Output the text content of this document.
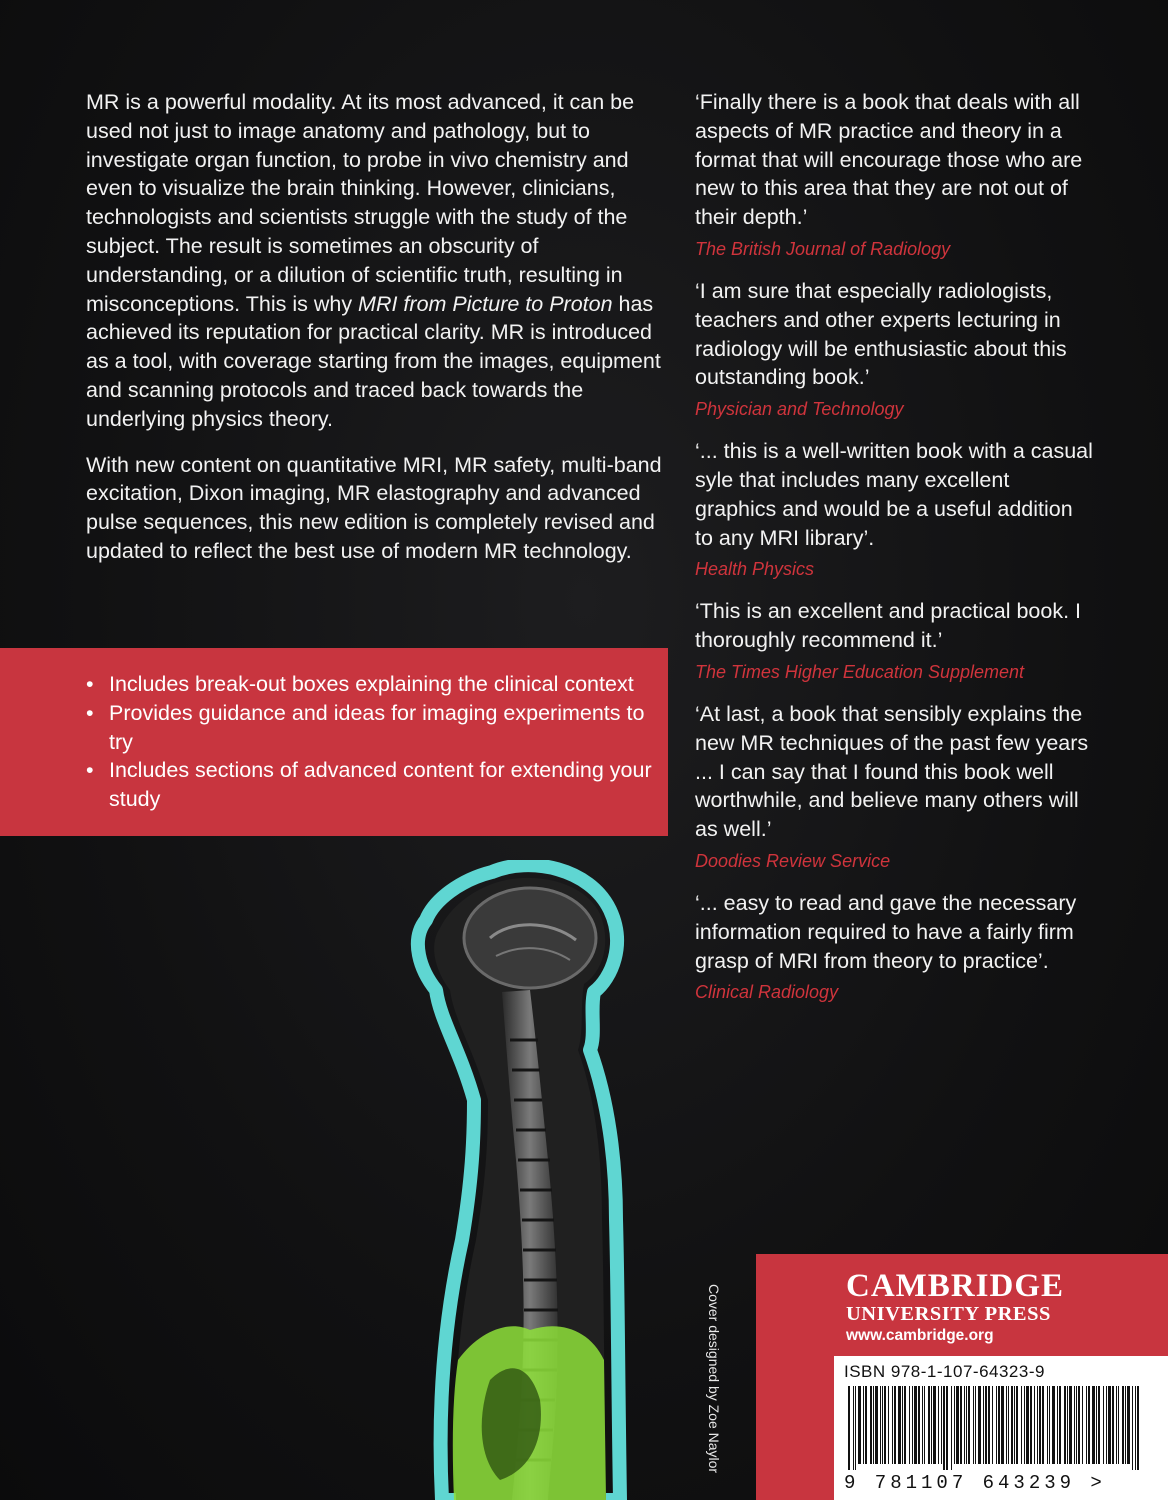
MR is a powerful modality. At its most advanced, it can be used not just to image anatomy and pathology, but to investigate organ function, to probe in vivo chemistry and even to visualize the brain thinking. However, clinicians, technologists and scientists struggle with the study of the subject. The result is sometimes an obscurity of understanding, or a dilution of scientific truth, resulting in misconceptions. This is why MRI from Picture to Proton has achieved its reputation for practical clarity. MR is introduced as a tool, with coverage starting from the images, equipment and scanning protocols and traced back towards the underlying physics theory.

With new content on quantitative MRI, MR safety, multi-band excitation, Dixon imaging, MR elastography and advanced pulse sequences, this new edition is completely revised and updated to reflect the best use of modern MR technology.

• Includes break-out boxes explaining the clinical context
• Provides guidance and ideas for imaging experiments to try
• Includes sections of advanced content for extending your study
‘Finally there is a book that deals with all aspects of MR practice and theory in a format that will encourage those who are new to this area that they are not out of their depth.’
The British Journal of Radiology
‘I am sure that especially radiologists, teachers and other experts lecturing in radiology will be enthusiastic about this outstanding book.’
Physician and Technology
‘... this is a well-written book with a casual syle that includes many excellent graphics and would be a useful addition to any MRI library’.
Health Physics
‘This is an excellent and practical book. I thoroughly recommend it.’
The Times Higher Education Supplement
‘At last, a book that sensibly explains the new MR techniques of the past few years ... I can say that I found this book well worthwhile, and believe many others will as well.’
Doodies Review Service
‘... easy to read and gave the necessary information required to have a fairly firm grasp of MRI from theory to practice’.
Clinical Radiology
Cover designed by Zoe Naylor	CAMBRIDGE
UNIVERSITY PRESS
www.cambridge.org
ISBN 978-1-107-64323-9
9 781107 643239 >
